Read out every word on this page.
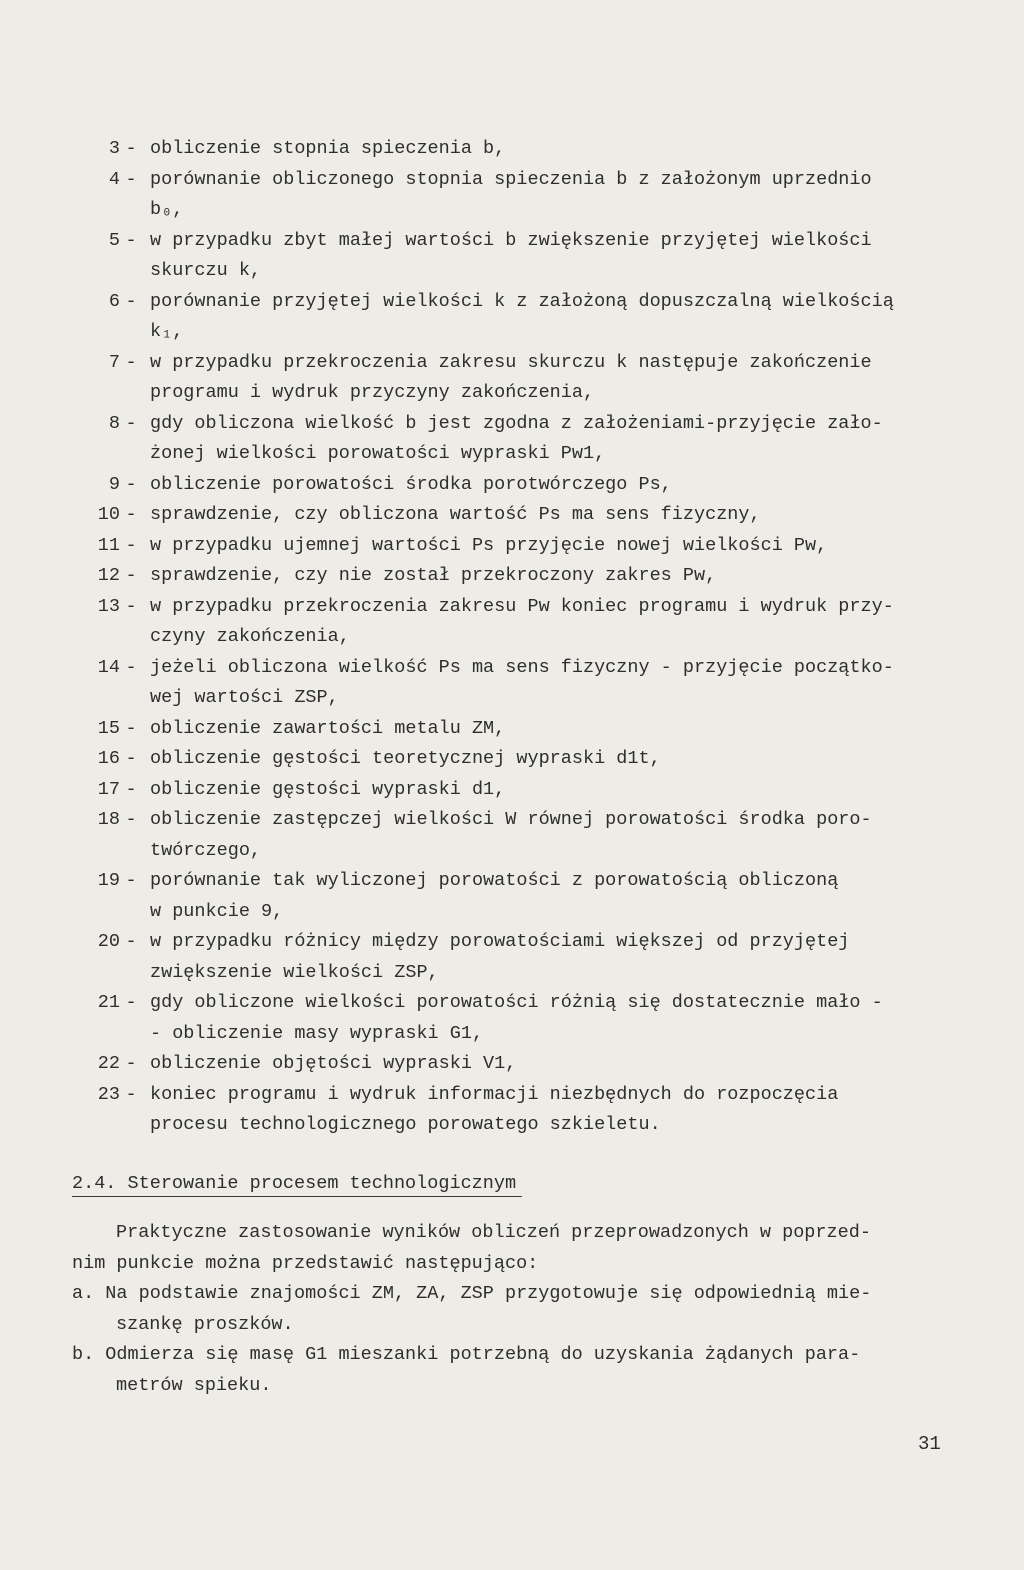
3 - obliczenie stopnia spieczenia b,
4 - porównanie obliczonego stopnia spieczenia b z założonym uprzednio
b₀,
5 - w przypadku zbyt małej wartości b zwiększenie przyjętej wielkości
skurczu k,
6 - porównanie przyjętej wielkości k z założoną dopuszczalną wielkością
k₁,
7 - w przypadku przekroczenia zakresu skurczu k następuje zakończenie
programu i wydruk przyczyny zakończenia,
8 - gdy obliczona wielkość b jest zgodna z założeniami-przyjęcie zało-
żonej wielkości porowatości wypraski Pw1,
9 - obliczenie porowatości środka porotwórczego Ps,
10 - sprawdzenie, czy obliczona wartość Ps ma sens fizyczny,
11 - w przypadku ujemnej wartości Ps przyjęcie nowej wielkości Pw,
12 - sprawdzenie, czy nie został przekroczony zakres Pw,
13 - w przypadku przekroczenia zakresu Pw koniec programu i wydruk przy-
czyny zakończenia,
14 - jeżeli obliczona wielkość Ps ma sens fizyczny - przyjęcie początko-
wej wartości ZSP,
15 - obliczenie zawartości metalu ZM,
16 - obliczenie gęstości teoretycznej wypraski d1t,
17 - obliczenie gęstości wypraski d1,
18 - obliczenie zastępczej wielkości W równej porowatości środka poro-
twórczego,
19 - porównanie tak wyliczonej porowatości z porowatością obliczoną
w punkcie 9,
20 - w przypadku różnicy między porowatościami większej od przyjętej
zwiększenie wielkości ZSP,
21 - gdy obliczone wielkości porowatości różnią się dostatecznie mało -
- obliczenie masy wypraski G1,
22 - obliczenie objętości wypraski V1,
23 - koniec programu i wydruk informacji niezbędnych do rozpoczęcia
procesu technologicznego porowatego szkieletu.
2.4. Sterowanie procesem technologicznym
Praktyczne zastosowanie wyników obliczeń przeprowadzonych w poprzed-
nim punkcie można przedstawić następująco:
a. Na podstawie znajomości ZM, ZA, ZSP przygotowuje się odpowiednią mie-
szankę proszków.
b. Odmierza się masę G1 mieszanki potrzebną do uzyskania żądanych para-
metrów spieku.
31
